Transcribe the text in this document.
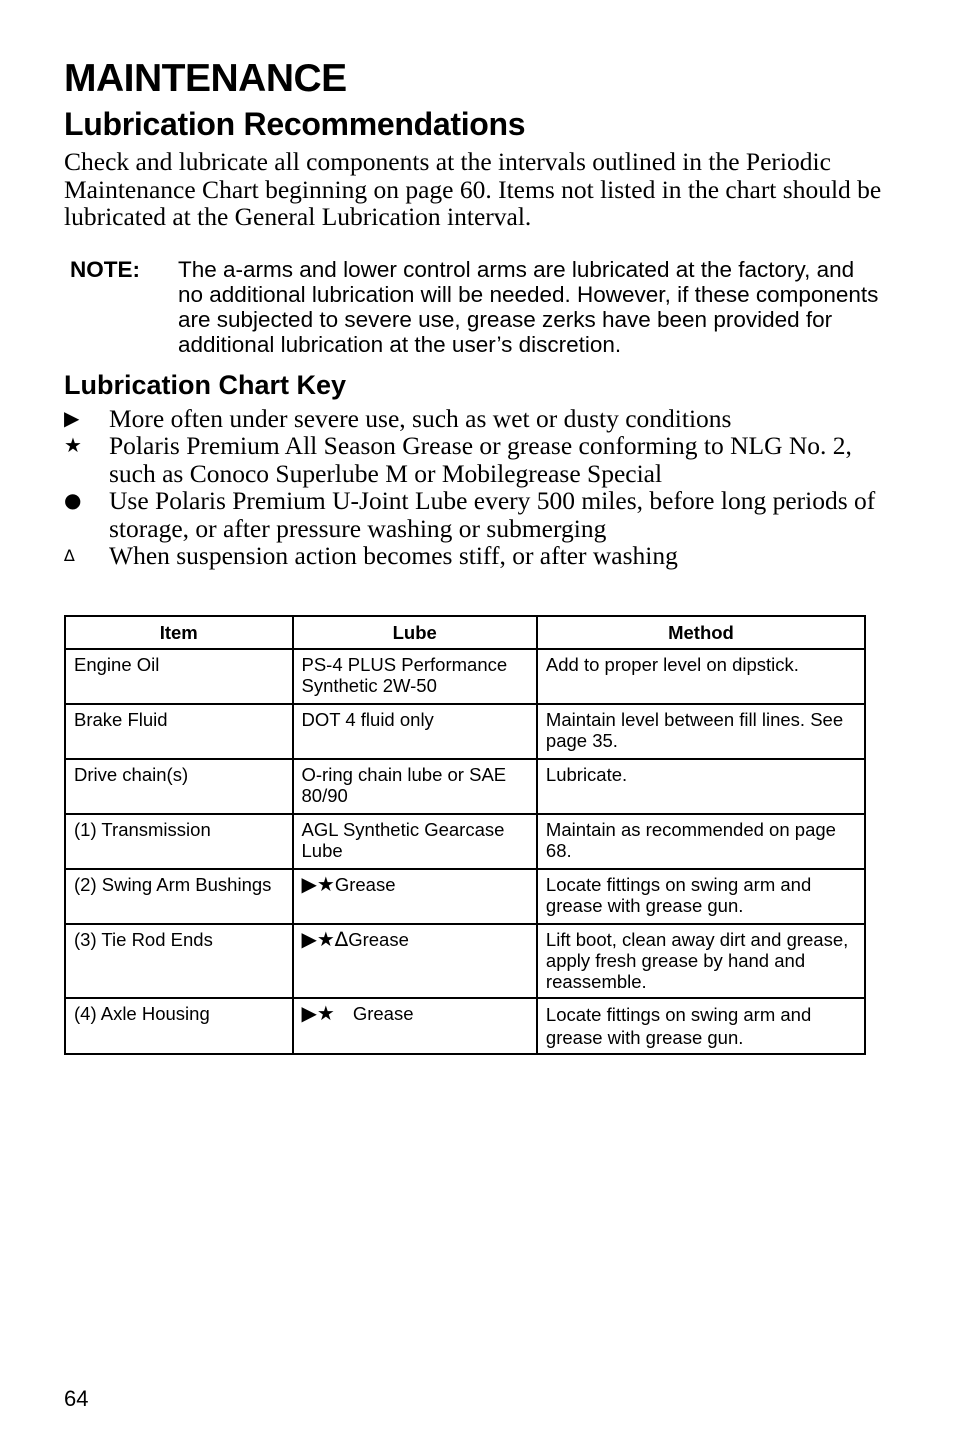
MAINTENANCE
Lubrication Recommendations

Check and lubricate all components at the intervals outlined in the Periodic Maintenance Chart beginning on page 60. Items not listed in the chart should be lubricated at the General Lubrication interval.

NOTE:	The a-arms and lower control arms are lubricated at the factory, and no additional lubrication will be needed. However, if these components are subjected to severe use, grease zerks have been provided for additional lubrication at the user’s discretion.
Lubrication Chart Key
▶	More often under severe use, such as wet or dusty conditions
★	Polaris Premium All Season Grease or grease conforming to NLG No. 2, such as Conoco Superlube M or Mobilegrease Special
●	Use Polaris Premium U-Joint Lube every 500 miles, before long periods of storage, or after pressure washing or submerging
∆	When suspension action becomes stiff, or after washing
Item	Lube	Method
Engine Oil	PS-4 PLUS Performance Synthetic 2W-50	Add to proper level on dipstick.
Brake Fluid	DOT 4 fluid only	Maintain level between fill lines. See page 35.
Drive chain(s)	O-ring chain lube or SAE 80/90	Lubricate.
(1) Transmission	AGL Synthetic Gearcase Lube	Maintain as recommended on page 68.
(2) Swing Arm Bushings	▶★Grease	Locate fittings on swing arm and grease with grease gun.
(3) Tie Rod Ends	▶★∆Grease	Lift boot, clean away dirt and grease, apply fresh grease by hand and reassemble.
(4) Axle Housing	▶★ Grease	Locate fittings on swing arm and grease with grease gun.
64
